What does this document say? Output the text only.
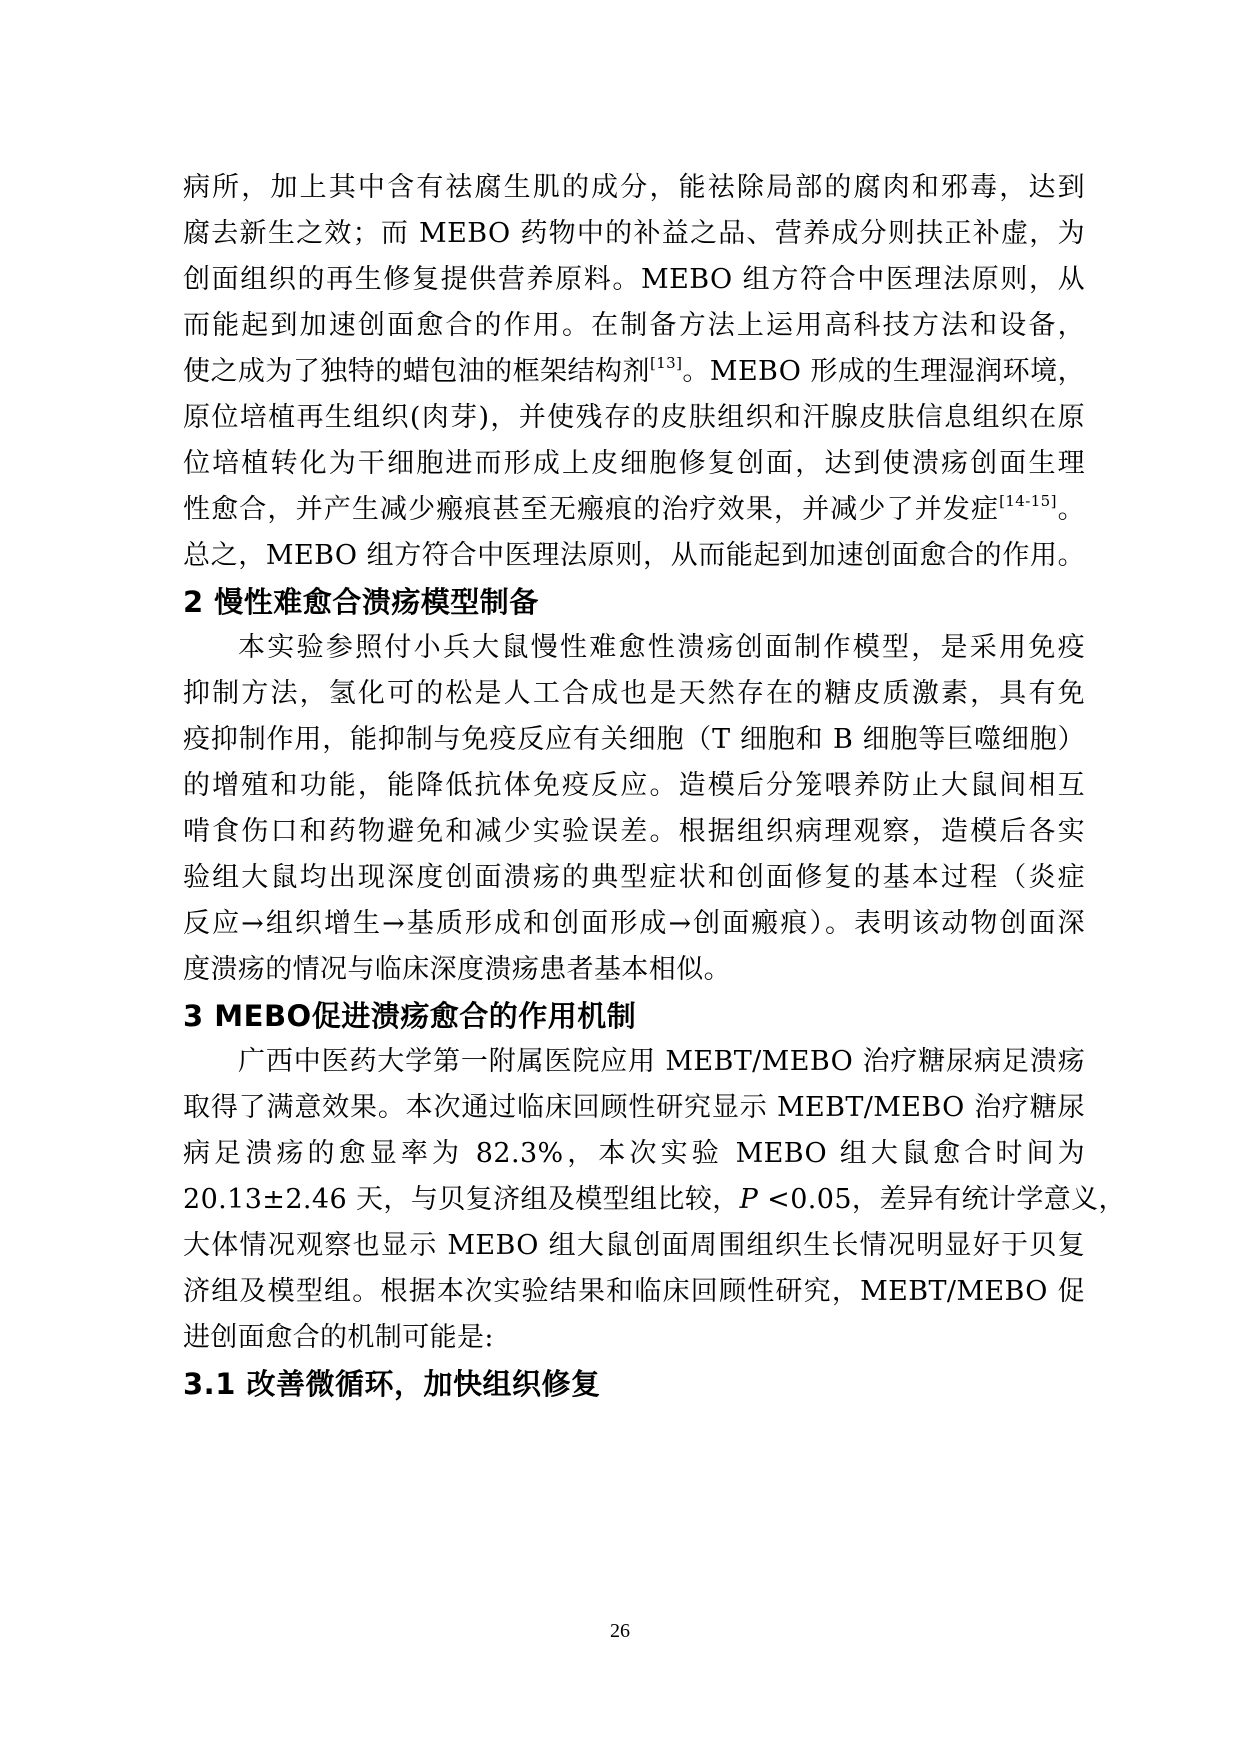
病所，加上其中含有祛腐生肌的成分，能祛除局部的腐肉和邪毒，达到
腐去新生之效；而 MEBO 药物中的补益之品、营养成分则扶正补虚，为
创面组织的再生修复提供营养原料。MEBO 组方符合中医理法原则，从
而能起到加速创面愈合的作用。在制备方法上运用高科技方法和设备，
使之成为了独特的蜡包油的框架结构剂[13]。MEBO 形成的生理湿润环境，
原位培植再生组织(肉芽)，并使残存的皮肤组织和汗腺皮肤信息组织在原
位培植转化为干细胞进而形成上皮细胞修复创面，达到使溃疡创面生理
性愈合，并产生减少瘢痕甚至无瘢痕的治疗效果，并减少了并发症[14-15]。
总之，MEBO 组方符合中医理法原则，从而能起到加速创面愈合的作用。
2 慢性难愈合溃疡模型制备
本实验参照付小兵大鼠慢性难愈性溃疡创面制作模型，是采用免疫
抑制方法，氢化可的松是人工合成也是天然存在的糖皮质激素，具有免
疫抑制作用，能抑制与免疫反应有关细胞（T 细胞和 B 细胞等巨噬细胞）
的增殖和功能，能降低抗体免疫反应。造模后分笼喂养防止大鼠间相互
啃食伤口和药物避免和减少实验误差。根据组织病理观察，造模后各实
验组大鼠均出现深度创面溃疡的典型症状和创面修复的基本过程（炎症
反应→组织增生→基质形成和创面形成→创面瘢痕）。表明该动物创面深
度溃疡的情况与临床深度溃疡患者基本相似。
3 MEBO促进溃疡愈合的作用机制
广西中医药大学第一附属医院应用 MEBT/MEBO 治疗糖尿病足溃疡
取得了满意效果。本次通过临床回顾性研究显示 MEBT/MEBO 治疗糖尿
病足溃疡的愈显率为 82.3%，本次实验 MEBO 组大鼠愈合时间为
20.13±2.46 天，与贝复济组及模型组比较，P <0.05，差异有统计学意义，
大体情况观察也显示 MEBO 组大鼠创面周围组织生长情况明显好于贝复
济组及模型组。根据本次实验结果和临床回顾性研究，MEBT/MEBO 促
进创面愈合的机制可能是:
3.1 改善微循环，加快组织修复
26
